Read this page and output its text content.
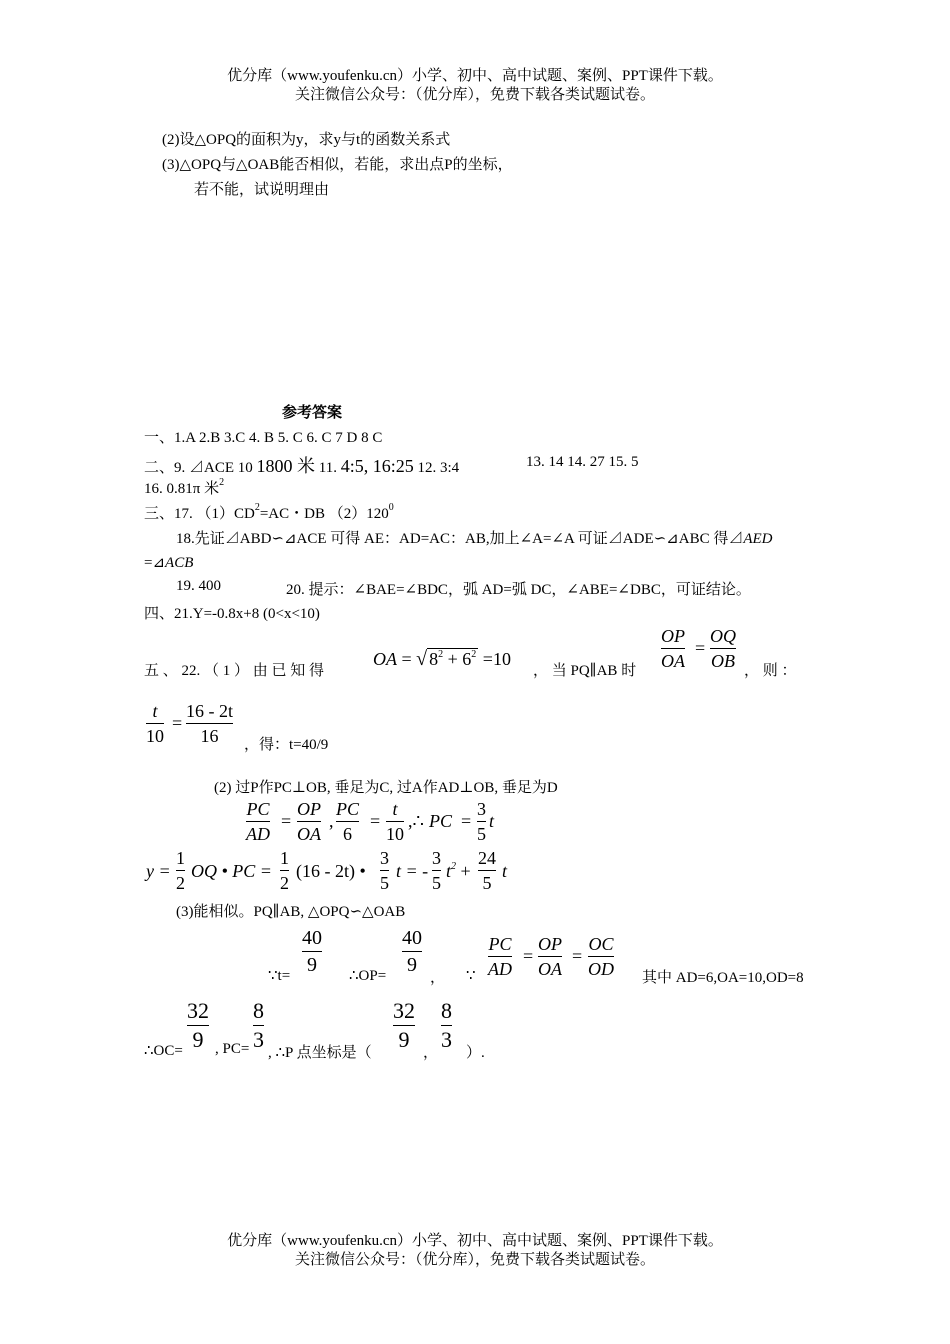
优分库（www.youfenku.cn）小学、初中、高中试题、案例、PPT课件下载。
关注微信公众号：（优分库），免费下载各类试题试卷。
(2)设△OPQ的面积为y，求y与t的函数关系式
(3)△OPQ与△OAB能否相似，若能，求出点P的坐标，
若不能，试说明理由
参考答案
一、1.A 2.B 3.C 4. B 5. C 6. C 7 D 8 C
二、9. ⊿ACE 10 1800 米 11. 4:5, 16:25 12. 3:4	13. 14 14. 27 15. 5
16. 0.81π 米$^2$
三、17. $(1)CD^2=AC$・DB $(2)120^0$
18.先证⊿ABD∽⊿ACE 可得 AE：AD=AC：AB,加上∠A=∠A 可证⊿ADE∽⊿ABC 得⊿AED
=⊿ACB
19. 400	20. 提示：∠BAE=∠BDC，弧 AD=弧 DC，∠ABE=∠DBC，可证结论。
四、21.Y=-0.8x+8 (0<x<10)
五 、 22. （ 1 ） 由 已 知 得
OA = √ $8^2 + 6^2 =10$
， 当 PQ∥AB 时
OP
OA
=
OQ
OB ， 则 ：
t
10
=
16 - 2t
16	，得：t=40/9
(2) 过P作PC⊥OB, 垂足为C, 过A作AD⊥OB, 垂足为D
PC
AD
=
OP
OA
,
PC
6
=
t
10
,∴ PC =
3
5
t
y =
1
2
OQ • PC =
1
2
(16 - 2t) •
3
5
t = -
3
5
$t^2$ +
24
5
t
(3)能相似。PQ∥AB, △OPQ∽△OAB
∵t=
40
9	∴OP=
40
9
， ∵
PC
AD
=
OP
OA
=
OC
OD 其中 AD=6,OA=10,OD=8
∴OC=
32
9 , PC=
8
3
, ∴P 点坐标是（
32
9
，
8
3
）.
优分库（www.youfenku.cn）小学、初中、高中试题、案例、PPT课件下载。
关注微信公众号：（优分库），免费下载各类试题试卷。
